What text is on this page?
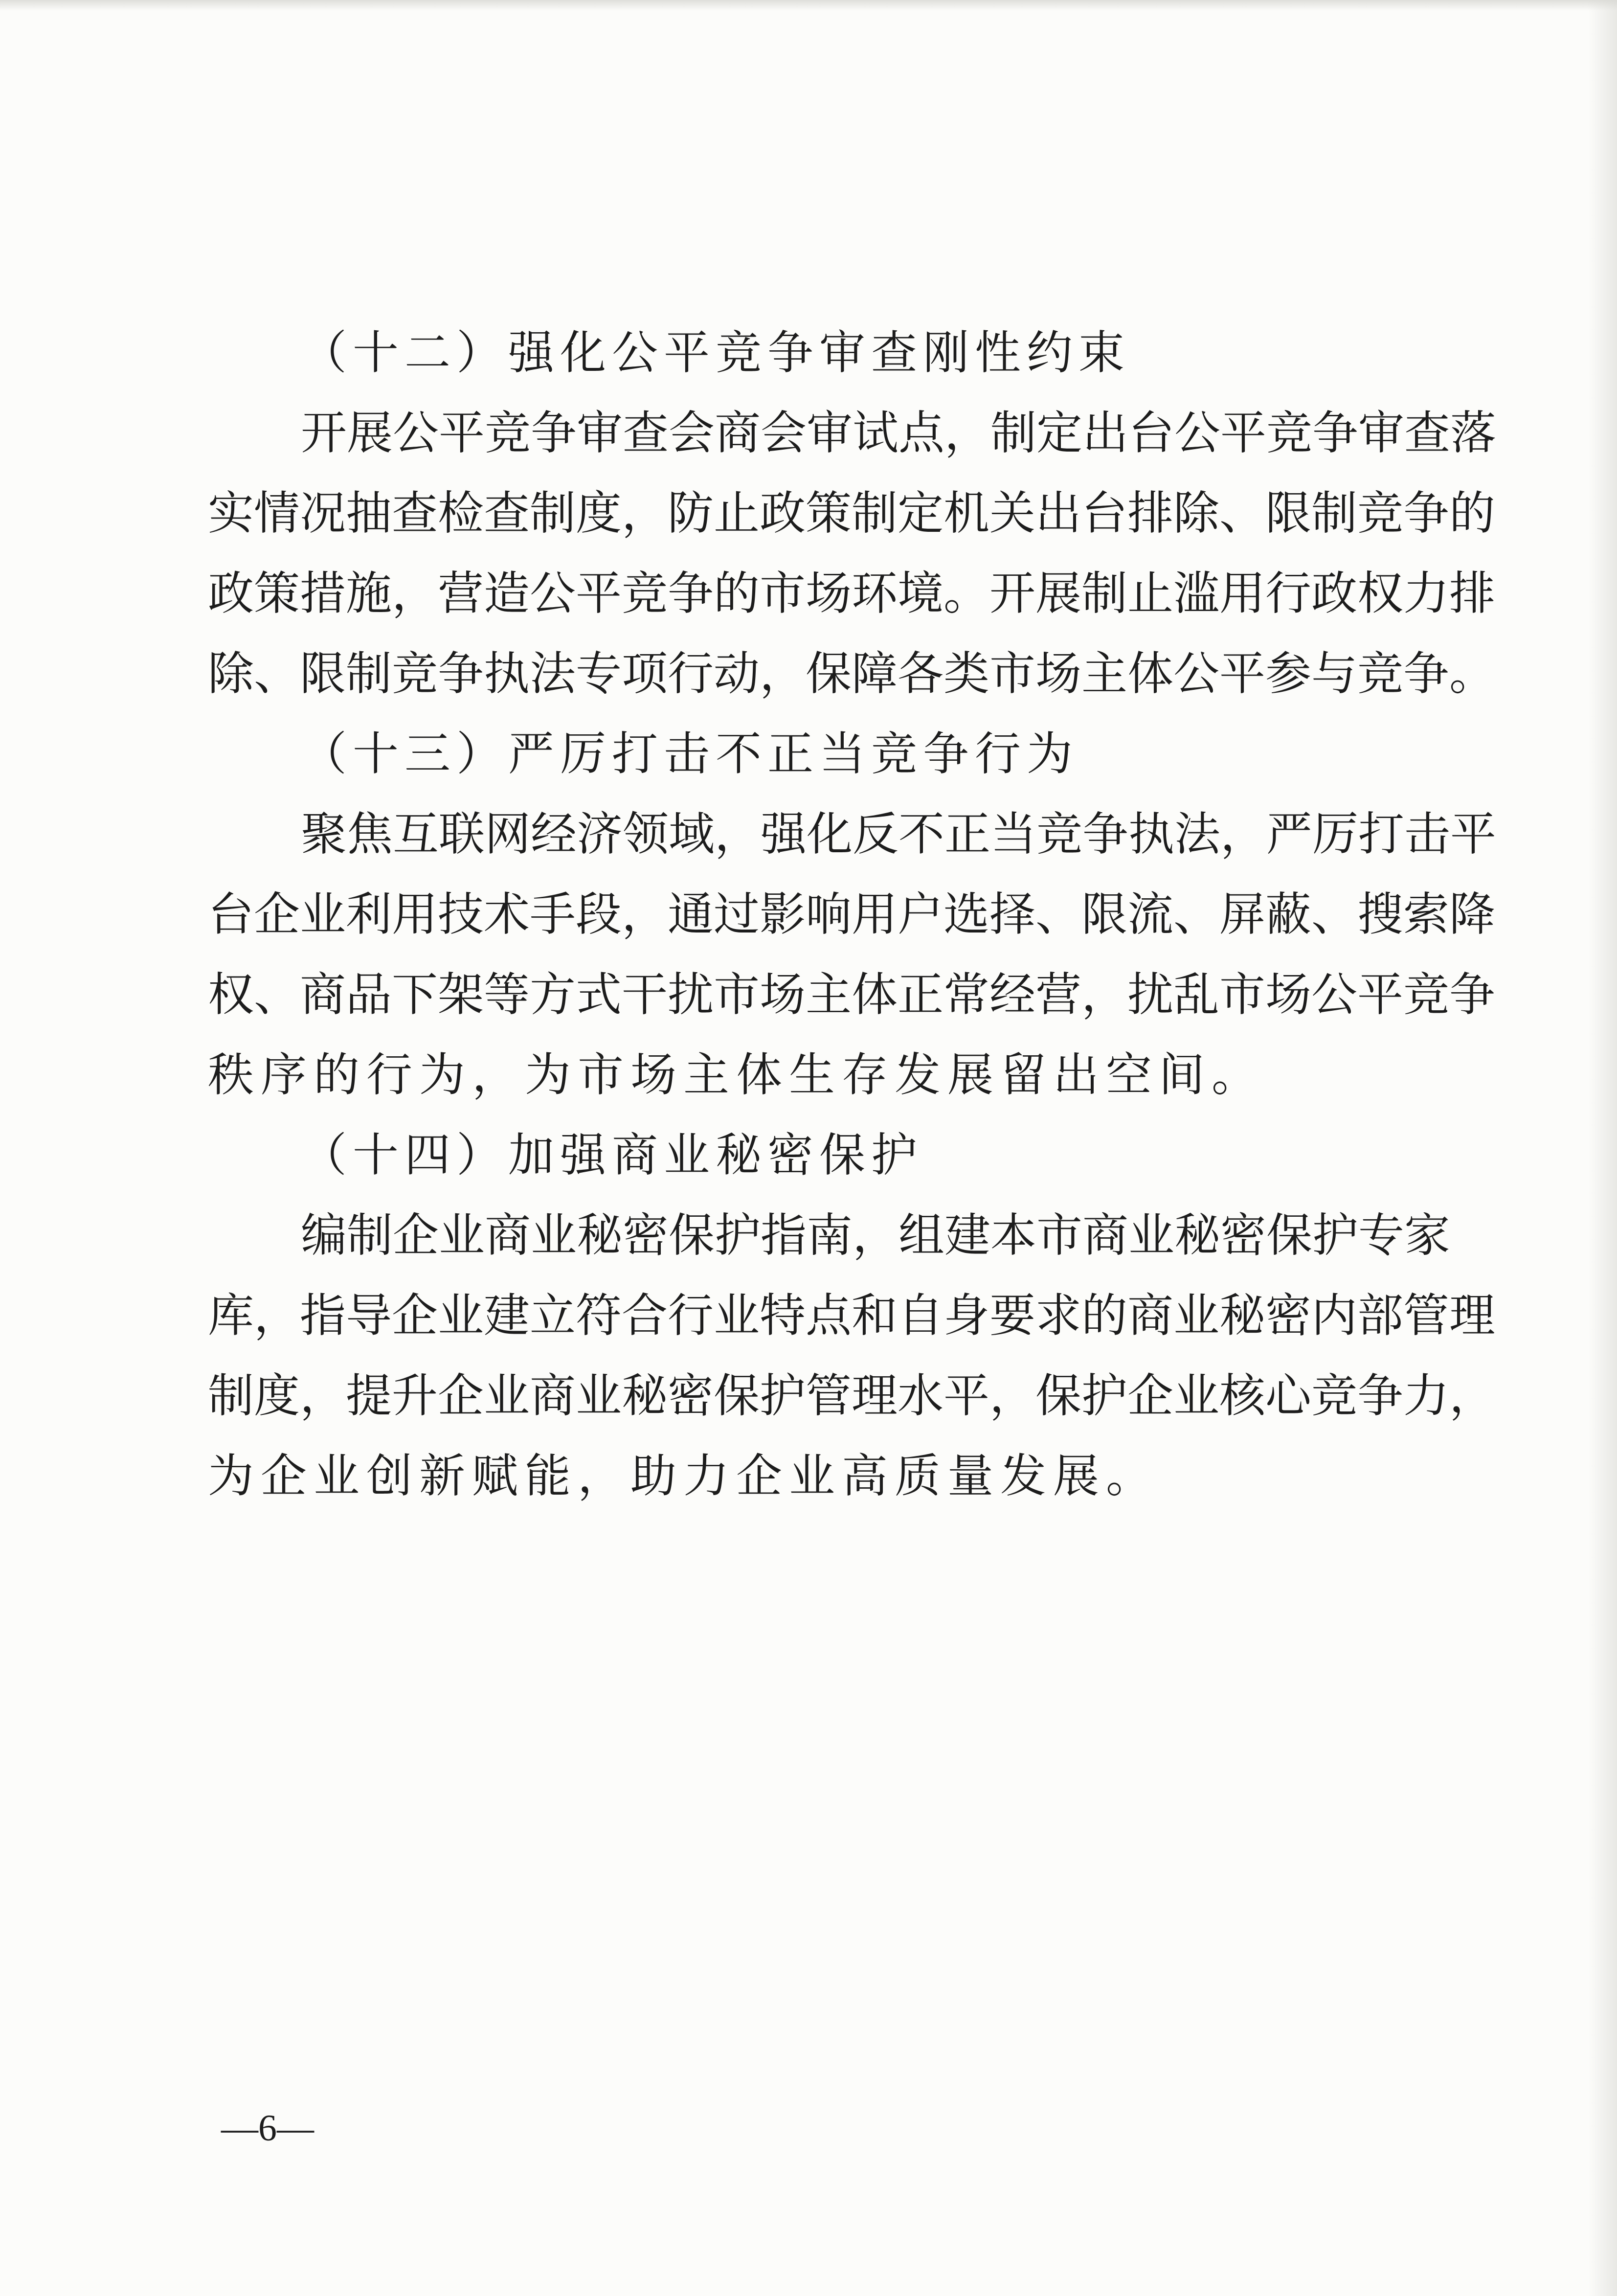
（十二）强化公平竞争审查刚性约束
开展公平竞争审查会商会审试点，制定出台公平竞争审查落
实情况抽查检查制度，防止政策制定机关出台排除、限制竞争的
政策措施，营造公平竞争的市场环境。开展制止滥用行政权力排
除、限制竞争执法专项行动，保障各类市场主体公平参与竞争。
（十三）严厉打击不正当竞争行为
聚焦互联网经济领域，强化反不正当竞争执法，严厉打击平
台企业利用技术手段，通过影响用户选择、限流、屏蔽、搜索降
权、商品下架等方式干扰市场主体正常经营，扰乱市场公平竞争
秩序的行为，为市场主体生存发展留出空间。
（十四）加强商业秘密保护
编制企业商业秘密保护指南，组建本市商业秘密保护专家
库，指导企业建立符合行业特点和自身要求的商业秘密内部管理
制度，提升企业商业秘密保护管理水平，保护企业核心竞争力，
为企业创新赋能，助力企业高质量发展。
—6—
